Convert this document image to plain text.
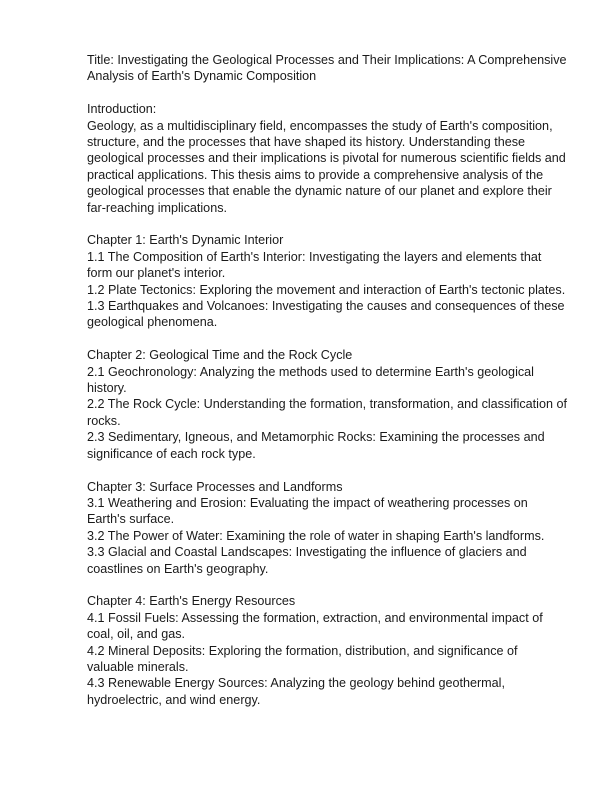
Title: Investigating the Geological Processes and Their Implications: A Comprehensive Analysis of Earth's Dynamic Composition

Introduction:

Geology, as a multidisciplinary field, encompasses the study of Earth's composition, structure, and the processes that have shaped its history. Understanding these geological processes and their implications is pivotal for numerous scientific fields and practical applications. This thesis aims to provide a comprehensive analysis of the geological processes that enable the dynamic nature of our planet and explore their far-reaching implications.

Chapter 1: Earth's Dynamic Interior

1.1 The Composition of Earth's Interior: Investigating the layers and elements that form our planet's interior.

1.2 Plate Tectonics: Exploring the movement and interaction of Earth's tectonic plates.

1.3 Earthquakes and Volcanoes: Investigating the causes and consequences of these geological phenomena.

Chapter 2: Geological Time and the Rock Cycle

2.1 Geochronology: Analyzing the methods used to determine Earth's geological history.

2.2 The Rock Cycle: Understanding the formation, transformation, and classification of rocks.

2.3 Sedimentary, Igneous, and Metamorphic Rocks: Examining the processes and significance of each rock type.

Chapter 3: Surface Processes and Landforms

3.1 Weathering and Erosion: Evaluating the impact of weathering processes on Earth's surface.

3.2 The Power of Water: Examining the role of water in shaping Earth's landforms.

3.3 Glacial and Coastal Landscapes: Investigating the influence of glaciers and coastlines on Earth's geography.

Chapter 4: Earth's Energy Resources

4.1 Fossil Fuels: Assessing the formation, extraction, and environmental impact of coal, oil, and gas.

4.2 Mineral Deposits: Exploring the formation, distribution, and significance of valuable minerals.

4.3 Renewable Energy Sources: Analyzing the geology behind geothermal, hydroelectric, and wind energy.
